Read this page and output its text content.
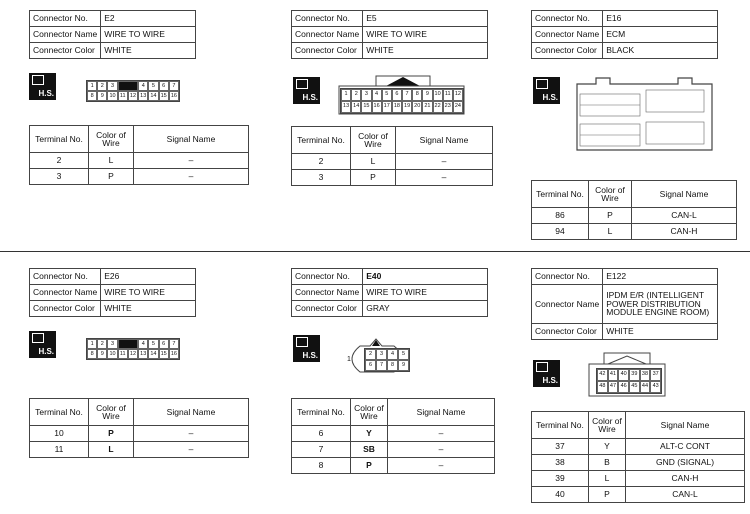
Connector No.	E2
Connector Name	WIRE TO WIRE
Connector Color	WHITE
H.S.
1	2	3	4	5	6	7
8	9	10 11 12 13 14 15 16
Terminal No.	Color of Wire	Signal Name
2	L	–
3	P	–
Connector No.	E5
Connector Name	WIRE TO WIRE
Connector Color	WHITE
H.S.	1	2	3	4	5	6	7	8	9	10 11 12
13 14 15 16 17 18 19 20 21 22 23 24
Terminal No.	Color of Wire	Signal Name
2	L	–
3	P	–
Connector No.	E16
Connector Name	ECM
Connector Color	BLACK
H.S.
Terminal No.	Color of Wire	Signal Name
86	P	CAN-L
94	L	CAN-H
Connector No.	E26
Connector Name	WIRE TO WIRE
Connector Color	WHITE
H.S.
1	2	3	4	5	6	7
8	9	10 11 12 13 14 15 16
Terminal No.	Color of Wire	Signal Name
10	P	–
11	L	–
Connector No.	E40
Connector Name	WIRE TO WIRE
Connector Color	GRAY
H.S.	1
2	3	4	5
6	7	8	9
Terminal No.	Color of Wire	Signal Name
6	Y	–
7	SB	–
8	P	–
Connector No.	E122
Connector Name	IPDM E/R (INTELLIGENT POWER DISTRIBUTION MODULE ENGINE ROOM)
Connector Color	WHITE
H.S.
42 41 40 39 38 37
48 47 46 45 44 43
Terminal No.	Color of Wire	Signal Name
37	Y	ALT-C CONT
38	B	GND (SIGNAL)
39	L	CAN-H
40	P	CAN-L
